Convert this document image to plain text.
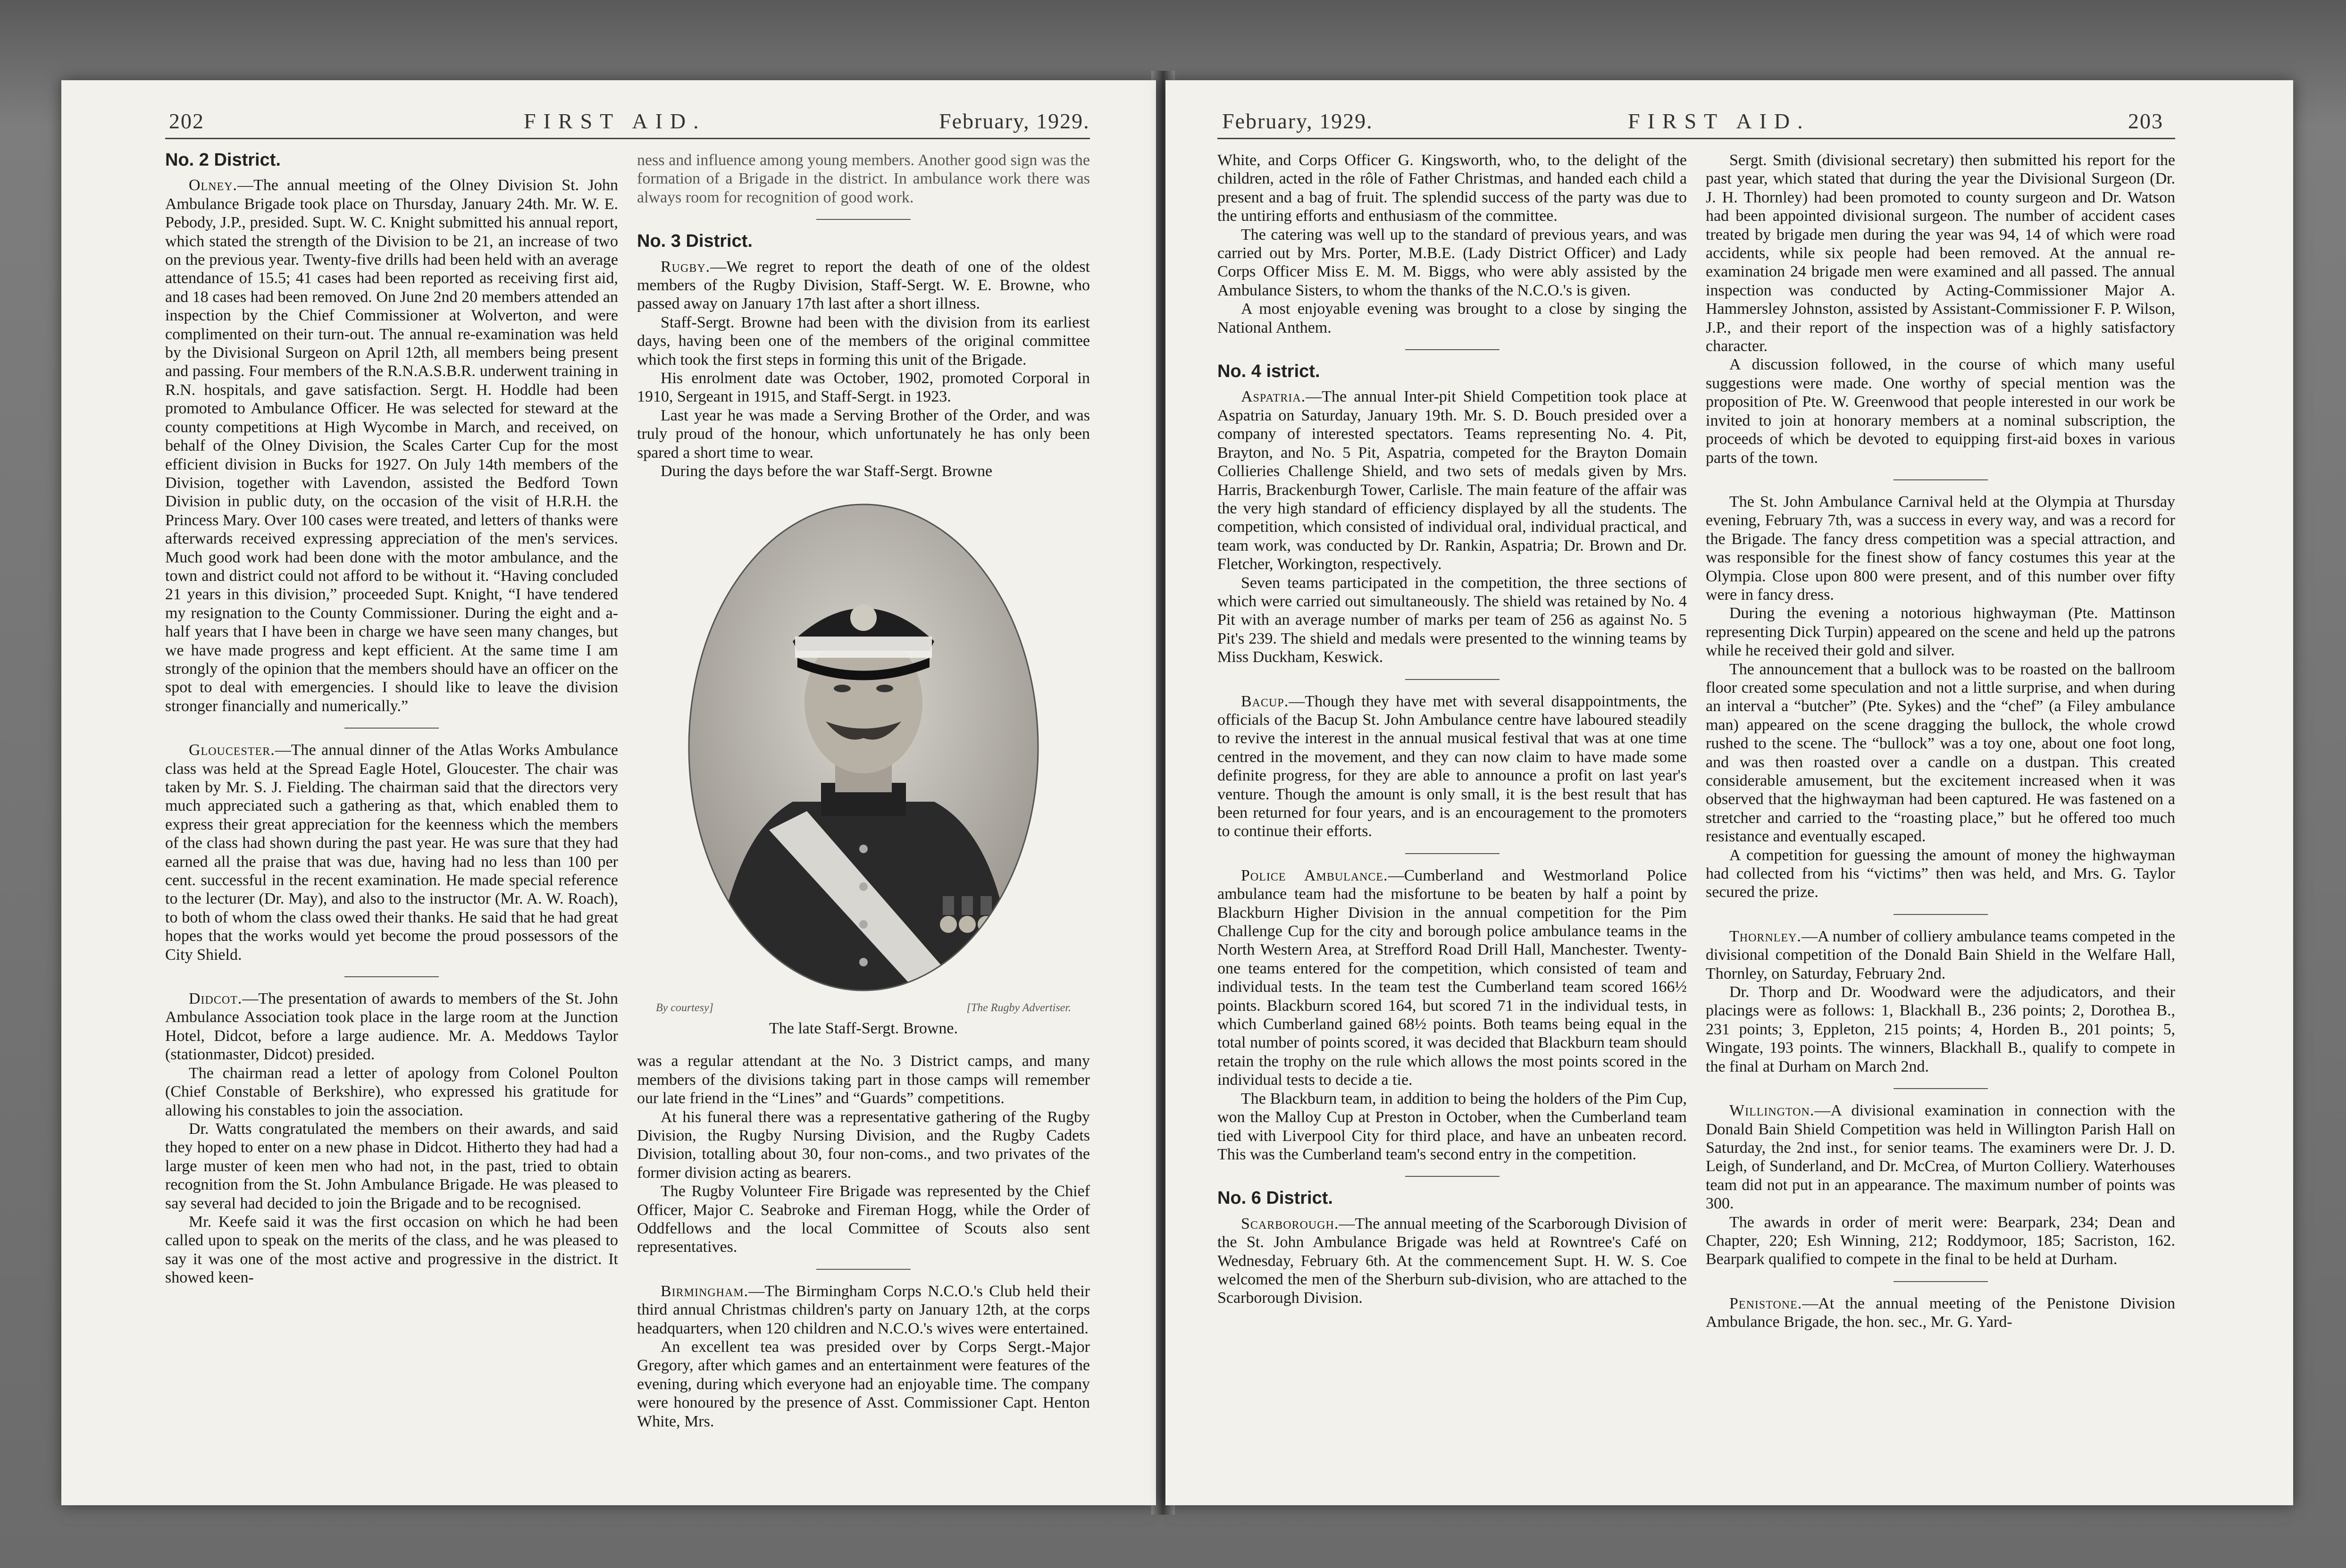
202	FIRST AID.	February, 1929.
No. 2 District.

Olney.—The annual meeting of the Olney Division St. John Ambulance Brigade took place on Thursday, January 24th. Mr. W. E. Pebody, J.P., presided. Supt. W. C. Knight submitted his annual report, which stated the strength of the Division to be 21, an increase of two on the previous year. Twenty-five drills had been held with an average attendance of 15.5; 41 cases had been reported as receiving first aid, and 18 cases had been removed. On June 2nd 20 members attended an inspection by the Chief Commissioner at Wolverton, and were complimented on their turn-out. The annual re-examination was held by the Divisional Surgeon on April 12th, all members being present and passing. Four members of the R.N.A.S.B.R. underwent training in R.N. hospitals, and gave satisfaction. Sergt. H. Hoddle had been promoted to Ambulance Officer. He was selected for steward at the county competitions at High Wycombe in March, and received, on behalf of the Olney Division, the Scales Carter Cup for the most efficient division in Bucks for 1927. On July 14th members of the Division, together with Lavendon, assisted the Bedford Town Division in public duty, on the occasion of the visit of H.R.H. the Princess Mary. Over 100 cases were treated, and letters of thanks were afterwards received expressing appreciation of the men's services. Much good work had been done with the motor ambulance, and the town and district could not afford to be without it. “Having concluded 21 years in this division,” proceeded Supt. Knight, “I have tendered my resignation to the County Commissioner. During the eight and a-half years that I have been in charge we have seen many changes, but we have made progress and kept efficient. At the same time I am strongly of the opinion that the members should have an officer on the spot to deal with emergencies. I should like to leave the division stronger financially and numerically.”

Gloucester.—The annual dinner of the Atlas Works Ambulance class was held at the Spread Eagle Hotel, Gloucester. The chair was taken by Mr. S. J. Fielding. The chairman said that the directors very much appreciated such a gathering as that, which enabled them to express their great appreciation for the keenness which the members of the class had shown during the past year. He was sure that they had earned all the praise that was due, having had no less than 100 per cent. successful in the recent examination. He made special reference to the lecturer (Dr. May), and also to the instructor (Mr. A. W. Roach), to both of whom the class owed their thanks. He said that he had great hopes that the works would yet become the proud possessors of the City Shield.

Didcot.—The presentation of awards to members of the St. John Ambulance Association took place in the large room at the Junction Hotel, Didcot, before a large audience. Mr. A. Meddows Taylor (stationmaster, Didcot) presided.

The chairman read a letter of apology from Colonel Poulton (Chief Constable of Berkshire), who expressed his gratitude for allowing his constables to join the association.

Dr. Watts congratulated the members on their awards, and said they hoped to enter on a new phase in Didcot. Hitherto they had had a large muster of keen men who had not, in the past, tried to obtain recognition from the St. John Ambulance Brigade. He was pleased to say several had decided to join the Brigade and to be recognised.

Mr. Keefe said it was the first occasion on which he had been called upon to speak on the merits of the class, and he was pleased to say it was one of the most active and progressive in the district. It showed keen-

ness and influence among young members. Another good sign was the formation of a Brigade in the district. In ambulance work there was always room for recognition of good work.

No. 3 District.

Rugby.—We regret to report the death of one of the oldest members of the Rugby Division, Staff-Sergt. W. E. Browne, who passed away on January 17th last after a short illness.

Staff-Sergt. Browne had been with the division from its earliest days, having been one of the members of the original committee which took the first steps in forming this unit of the Brigade.

His enrolment date was October, 1902, promoted Corporal in 1910, Sergeant in 1915, and Staff-Sergt. in 1923.

Last year he was made a Serving Brother of the Order, and was truly proud of the honour, which unfortunately he has only been spared a short time to wear.

During the days before the war Staff-Sergt. Browne

By courtesy]	[The Rugby Advertiser.
The late Staff-Sergt. Browne.

was a regular attendant at the No. 3 District camps, and many members of the divisions taking part in those camps will remember our late friend in the “Lines” and “Guards” competitions.

At his funeral there was a representative gathering of the Rugby Division, the Rugby Nursing Division, and the Rugby Cadets Division, totalling about 30, four non-coms., and two privates of the former division acting as bearers.

The Rugby Volunteer Fire Brigade was represented by the Chief Officer, Major C. Seabroke and Fireman Hogg, while the Order of Oddfellows and the local Committee of Scouts also sent representatives.

Birmingham.—The Birmingham Corps N.C.O.'s Club held their third annual Christmas children's party on January 12th, at the corps headquarters, when 120 children and N.C.O.'s wives were entertained.

An excellent tea was presided over by Corps Sergt.-Major Gregory, after which games and an entertainment were features of the evening, during which everyone had an enjoyable time. The company were honoured by the presence of Asst. Commissioner Capt. Henton White, Mrs.

February, 1929.	FIRST AID.	203

White, and Corps Officer G. Kingsworth, who, to the delight of the children, acted in the rôle of Father Christmas, and handed each child a present and a bag of fruit. The splendid success of the party was due to the untiring efforts and enthusiasm of the committee.

The catering was well up to the standard of previous years, and was carried out by Mrs. Porter, M.B.E. (Lady District Officer) and Lady Corps Officer Miss E. M. M. Biggs, who were ably assisted by the Ambulance Sisters, to whom the thanks of the N.C.O.'s is given.

A most enjoyable evening was brought to a close by singing the National Anthem.

No. 4 istrict.

Aspatria.—The annual Inter-pit Shield Competition took place at Aspatria on Saturday, January 19th. Mr. S. D. Bouch presided over a company of interested spectators. Teams representing No. 4. Pit, Brayton, and No. 5 Pit, Aspatria, competed for the Brayton Domain Collieries Challenge Shield, and two sets of medals given by Mrs. Harris, Brackenburgh Tower, Carlisle. The main feature of the affair was the very high standard of efficiency displayed by all the students. The competition, which consisted of individual oral, individual practical, and team work, was conducted by Dr. Rankin, Aspatria; Dr. Brown and Dr. Fletcher, Workington, respectively.

Seven teams participated in the competition, the three sections of which were carried out simultaneously. The shield was retained by No. 4 Pit with an average number of marks per team of 256 as against No. 5 Pit's 239. The shield and medals were presented to the winning teams by Miss Duckham, Keswick.

Bacup.—Though they have met with several disappointments, the officials of the Bacup St. John Ambulance centre have laboured steadily to revive the interest in the annual musical festival that was at one time centred in the movement, and they can now claim to have made some definite progress, for they are able to announce a profit on last year's venture. Though the amount is only small, it is the best result that has been returned for four years, and is an encouragement to the promoters to continue their efforts.

Police Ambulance.—Cumberland and Westmorland Police ambulance team had the misfortune to be beaten by half a point by Blackburn Higher Division in the annual competition for the Pim Challenge Cup for the city and borough police ambulance teams in the North Western Area, at Strefford Road Drill Hall, Manchester. Twenty-one teams entered for the competition, which consisted of team and individual tests. In the team test the Cumberland team scored 166½ points. Blackburn scored 164, but scored 71 in the individual tests, in which Cumberland gained 68½ points. Both teams being equal in the total number of points scored, it was decided that Blackburn team should retain the trophy on the rule which allows the most points scored in the individual tests to decide a tie.

The Blackburn team, in addition to being the holders of the Pim Cup, won the Malloy Cup at Preston in October, when the Cumberland team tied with Liverpool City for third place, and have an unbeaten record. This was the Cumberland team's second entry in the competition.

No. 6 District.

Scarborough.—The annual meeting of the Scarborough Division of the St. John Ambulance Brigade was held at Rowntree's Café on Wednesday, February 6th. At the commencement Supt. H. W. S. Coe welcomed the men of the Sherburn sub-division, who are attached to the Scarborough Division.

Sergt. Smith (divisional secretary) then submitted his report for the past year, which stated that during the year the Divisional Surgeon (Dr. J. H. Thornley) had been promoted to county surgeon and Dr. Watson had been appointed divisional surgeon. The number of accident cases treated by brigade men during the year was 94, 14 of which were road accidents, while six people had been removed. At the annual re-examination 24 brigade men were examined and all passed. The annual inspection was conducted by Acting-Commissioner Major A. Hammersley Johnston, assisted by Assistant-Commissioner F. P. Wilson, J.P., and their report of the inspection was of a highly satisfactory character.

A discussion followed, in the course of which many useful suggestions were made. One worthy of special mention was the proposition of Pte. W. Greenwood that people interested in our work be invited to join at honorary members at a nominal subscription, the proceeds of which be devoted to equipping first-aid boxes in various parts of the town.

The St. John Ambulance Carnival held at the Olympia at Thursday evening, February 7th, was a success in every way, and was a record for the Brigade. The fancy dress competition was a special attraction, and was responsible for the finest show of fancy costumes this year at the Olympia. Close upon 800 were present, and of this number over fifty were in fancy dress.

During the evening a notorious highwayman (Pte. Mattinson representing Dick Turpin) appeared on the scene and held up the patrons while he received their gold and silver.

The announcement that a bullock was to be roasted on the ballroom floor created some speculation and not a little surprise, and when during an interval a “butcher” (Pte. Sykes) and the “chef” (a Filey ambulance man) appeared on the scene dragging the bullock, the whole crowd rushed to the scene. The “bullock” was a toy one, about one foot long, and was then roasted over a candle on a dustpan. This created considerable amusement, but the excitement increased when it was observed that the highwayman had been captured. He was fastened on a stretcher and carried to the “roasting place,” but he offered too much resistance and eventually escaped.

A competition for guessing the amount of money the highwayman had collected from his “victims” then was held, and Mrs. G. Taylor secured the prize.

Thornley.—A number of colliery ambulance teams competed in the divisional competition of the Donald Bain Shield in the Welfare Hall, Thornley, on Saturday, February 2nd.

Dr. Thorp and Dr. Woodward were the adjudicators, and their placings were as follows: 1, Blackhall B., 236 points; 2, Dorothea B., 231 points; 3, Eppleton, 215 points; 4, Horden B., 201 points; 5, Wingate, 193 points. The winners, Blackhall B., qualify to compete in the final at Durham on March 2nd.

Willington.—A divisional examination in connection with the Donald Bain Shield Competition was held in Willington Parish Hall on Saturday, the 2nd inst., for senior teams. The examiners were Dr. J. D. Leigh, of Sunderland, and Dr. McCrea, of Murton Colliery. Waterhouses team did not put in an appearance. The maximum number of points was 300.

The awards in order of merit were: Bearpark, 234; Dean and Chapter, 220; Esh Winning, 212; Roddymoor, 185; Sacriston, 162. Bearpark qualified to compete in the final to be held at Durham.

Penistone.—At the annual meeting of the Penistone Division Ambulance Brigade, the hon. sec., Mr. G. Yard-
